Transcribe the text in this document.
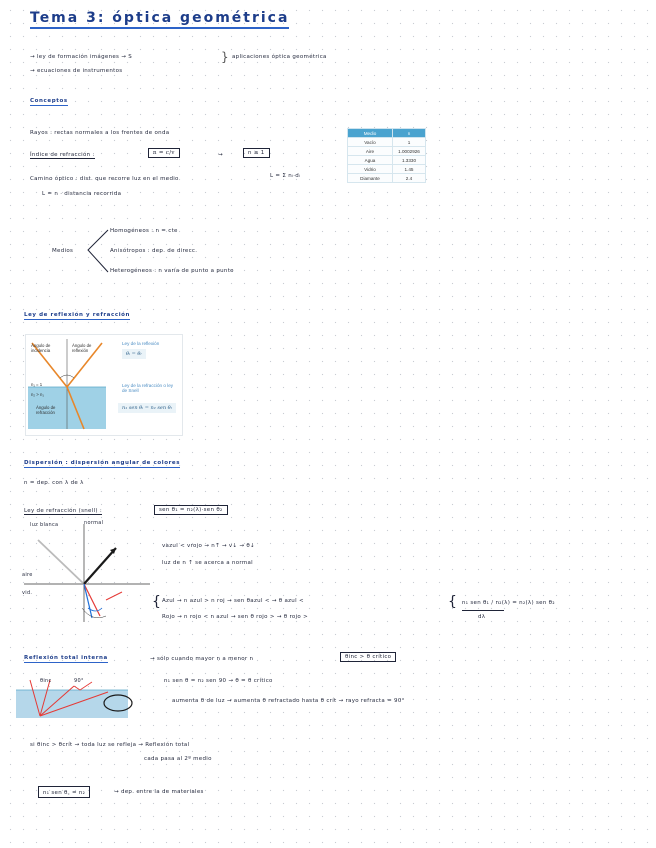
Tema 3: óptica geométrica
→ ley de formación imágenes → S	} aplicaciones óptica geométrica
→ ecuaciones de instrumentos
Conceptos
Rayos : rectas normales a los frentes de onda
Índice de refracción :	n = c/v	→	n ≥ 1
Camino óptico : dist. que recorre luz en el medio	L = Σ nᵢ·dᵢ
L = n · distancia recorrida
Medio	n
Vacío	1
Aire	1.0002926
Agua	1.3330
Vidrio	1.45
Diamante	2.4
Medios
Homogéneos : n = cte
Anisótropos : dep. de direcc.
Heterogéneos : n varía de punto a punto
Ley de reflexión y refracción
Ángulo de incidencia
Ángulo de reflexión
n₁ = 1
n₂ > n₁
Ángulo de refracción
Ley de la reflexión
θᵢ = θᵣ
Ley de la refracción o ley de Snell
n₁ sen θᵢ = n₂ sen θₜ
Dispersión : dispersión angular de colores
n = dep. con λ de λ
Ley de refracción (snell) :	sen θ₁ = n₂(λ)·sen θ₂
luz blanca	normal
aire
vid.
vazul < vrojo → n↑ → v↓ → θ↓
luz de n ↑ se acerca a normal
{ Azul → n azul > n roj → sen θazul < → θ azul <
Rojo → n rojo < n azul → sen θ rojo > → θ rojo >
{ n₁ sen θ₁ / n₂(λ) = n₂(λ) sen θ₂
dλ
Reflexión total interna	→ sólo cuando mayor n a menor n	θinc > θ crítico
θinc	90°	n₁ sen θ = n₂ sen 90 → θ = θ crítico
aumenta θ de luz → aumenta θ refractado hasta θ crít → rayo refracta = 90°
si θinc > θcrít → toda luz se refleja → Reflexión total
cada pasa al 2º medio
n₁ sen θ꜀ = n₂	→ dep. entre la de materiales
